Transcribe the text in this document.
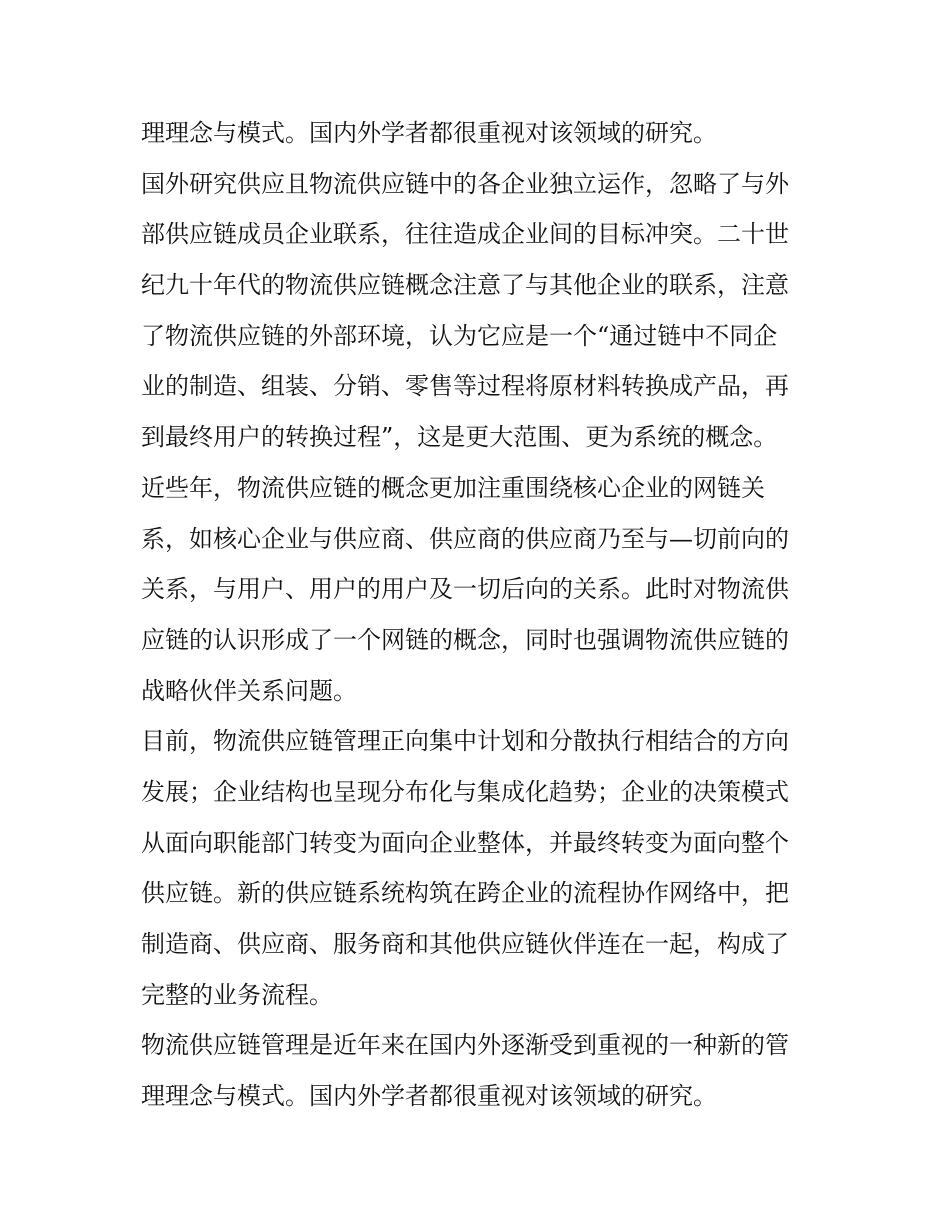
理理念与模式。国内外学者都很重视对该领域的研究。
国外研究供应且物流供应链中的各企业独立运作，忽略了与外
部供应链成员企业联系，往往造成企业间的目标冲突。二十世
纪九十年代的物流供应链概念注意了与其他企业的联系，注意
了物流供应链的外部环境，认为它应是一个“通过链中不同企
业的制造、组装、分销、零售等过程将原材料转换成产品，再
到最终用户的转换过程”，这是更大范围、更为系统的概念。
近些年，物流供应链的概念更加注重围绕核心企业的网链关
系，如核心企业与供应商、供应商的供应商乃至与—切前向的
关系，与用户、用户的用户及一切后向的关系。此时对物流供
应链的认识形成了一个网链的概念，同时也强调物流供应链的
战略伙伴关系问题。
目前，物流供应链管理正向集中计划和分散执行相结合的方向
发展；企业结构也呈现分布化与集成化趋势；企业的决策模式
从面向职能部门转变为面向企业整体，并最终转变为面向整个
供应链。新的供应链系统构筑在跨企业的流程协作网络中，把
制造商、供应商、服务商和其他供应链伙伴连在一起，构成了
完整的业务流程。
物流供应链管理是近年来在国内外逐渐受到重视的一种新的管
理理念与模式。国内外学者都很重视对该领域的研究。
